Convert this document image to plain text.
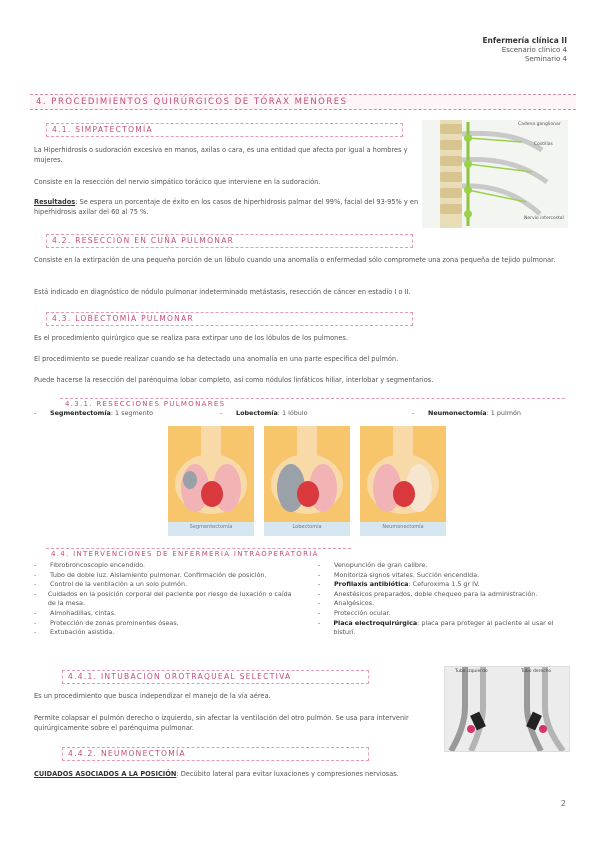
Enfermería clínica II
Escenario clínico 4
Seminario 4
4. PROCEDIMIENTOS QUIRÚRGICOS DE TÓRAX MENORES
4.1. SIMPATECTOMÍA
La Hiperhidrosis o sudoración excesiva en manos, axilas o cara, es una entidad que afecta por igual a hombres y mujeres.
Consiste en la resección del nervio simpático torácico que interviene en la sudoración.
Resultados: Se espera un porcentaje de éxito en los casos de hiperhidrosis palmar del 99%, facial del 93-95% y en hiperhidrosis axilar del 60 al 75 %.
Cadena ganglionar
Costillas
Nervio intercostal
4.2. RESECCIÓN EN CUÑA PULMONAR
Consiste en la extirpación de una pequeña porción de un lóbulo cuando una anomalía o enfermedad sólo compromete una zona pequeña de tejido pulmonar.
Está indicado en diagnóstico de nódulo pulmonar indeterminado metástasis, resección de cáncer en estadío I o II.
4.3. LOBECTOMÍA PULMONAR
Es el procedimiento quirúrgico que se realiza para extirpar uno de los lóbulos de los pulmones.
El procedimiento se puede realizar cuando se ha detectado una anomalía en una parte específica del pulmón.
Puede hacerse la resección del parénquima lobar completo, así como nódulos linfáticos hiliar, interlobar y segmentarios.
4.3.1. RESECCIONES PULMONARES
- Segmentectomía: 1 segmento	- Lobectomía: 1 lóbulo	- Neumonectomía: 1 pulmón
Segmentectomía	Lobectomía	Neumonectomía
4.4. INTERVENCIONES DE ENFERMERÍA INTRAOPERATORIA
-	Fibrobroncoscopio encendido.
-	Tubo de doble luz. Aislamiento pulmonar. Confirmación de posición.
-	Control de la ventilación a un solo pulmón.
-	Cuidados en la posición corporal del paciente por riesgo de luxación o caída de la mesa.
-	Almohadillas, cintas.
-	Protección de zonas prominentes óseas.
-	Extubación asistida.
-	Venopunción de gran calibre.
-	Monitoriza signos vitales. Succión encendida.
-	Profilaxis antibiótica: Cefuroxima 1.5 gr IV.
-	Anestésicos preparados, doble chequeo para la administración.
-	Analgésicos.
-	Protección ocular.
-	Placa electroquirúrgica: placa para proteger al paciente al usar el bisturí.
4.4.1. INTUBACIÓN OROTRAQUEAL SELECTIVA
Es un procedimiento que busca independizar el manejo de la vía aérea.
Permite colapsar el pulmón derecho o izquierdo, sin afectar la ventilación del otro pulmón. Se usa para intervenir quirúrgicamente sobre el parénquima pulmonar.
Tubo izquierdo	Tubo derecho
4.4.2. NEUMONECTOMÍA
CUIDADOS ASOCIADOS A LA POSICIÓN: Decúbito lateral para evitar luxaciones y compresiones nerviosas.
2
